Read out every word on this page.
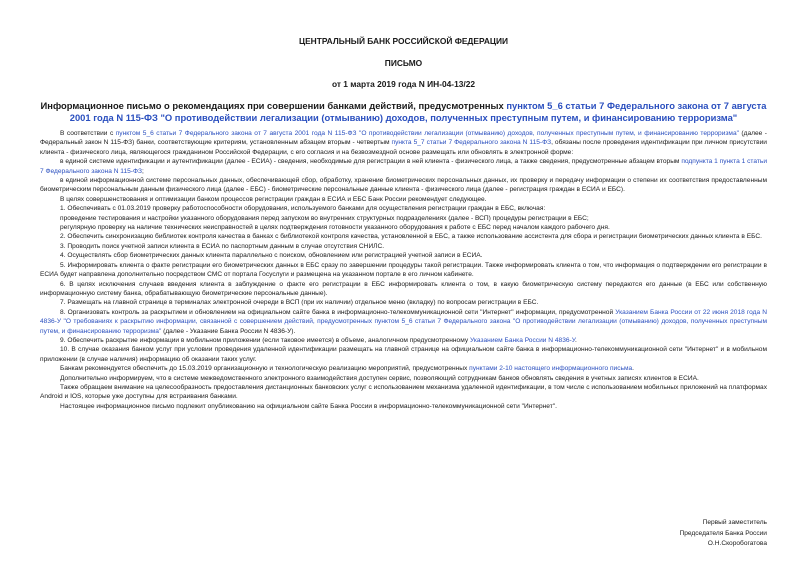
ЦЕНТРАЛЬНЫЙ БАНК РОССИЙСКОЙ ФЕДЕРАЦИИ
ПИСЬМО
от 1 марта 2019 года N ИН-04-13/22
Информационное письмо о рекомендациях при совершении банками действий, предусмотренных пунктом 5_6 статьи 7 Федерального закона от 7 августа 2001 года N 115-ФЗ "О противодействии легализации (отмыванию) доходов, полученных преступным путем, и финансированию терроризма"

В соответствии с пунктом 5_6 статьи 7 Федерального закона от 7 августа 2001 года N 115-ФЗ "О противодействии легализации (отмыванию) доходов, полученных преступным путем, и финансированию терроризма" (далее - Федеральный закон N 115-ФЗ) банки, соответствующие критериям, установленным абзацем вторым - четвертым пункта 5_7 статьи 7 Федерального закона N 115-ФЗ, обязаны после проведения идентификации при личном присутствии клиента - физического лица, являющегося гражданином Российской Федерации, с его согласия и на безвозмездной основе размещать или обновлять в электронной форме:

в единой системе идентификации и аутентификации (далее - ЕСИА) - сведения, необходимые для регистрации в ней клиента - физического лица, а также сведения, предусмотренные абзацем вторым подпункта 1 пункта 1 статьи 7 Федерального закона N 115-ФЗ;

в единой информационной системе персональных данных, обеспечивающей сбор, обработку, хранение биометрических персональных данных, их проверку и передачу информации о степени их соответствия предоставленным биометрическим персональным данным физического лица (далее - ЕБС) - биометрические персональные данные клиента - физического лица (далее - регистрация граждан в ЕСИА и ЕБС).

В целях совершенствования и оптимизации банком процессов регистрации граждан в ЕСИА и ЕБС Банк России рекомендует следующее.

1. Обеспечивать с 01.03.2019 проверку работоспособности оборудования, используемого банками для осуществления регистрации граждан в ЕБС, включая:

проведение тестирования и настройки указанного оборудования перед запуском во внутренних структурных подразделениях (далее - ВСП) процедуры регистрации в ЕБС;

регулярную проверку на наличие технических неисправностей в целях подтверждения готовности указанного оборудования к работе с ЕБС перед началом каждого рабочего дня.

2. Обеспечить синхронизацию библиотек контроля качества в банках с библиотекой контроля качества, установленной в ЕБС, а также использование ассистента для сбора и регистрации биометрических данных клиента в ЕБС.

3. Проводить поиск учетной записи клиента в ЕСИА по паспортным данным в случае отсутствия СНИЛС.

4. Осуществлять сбор биометрических данных клиента параллельно с поиском, обновлением или регистрацией учетной записи в ЕСИА.

5. Информировать клиента о факте регистрации его биометрических данных в ЕБС сразу по завершении процедуры такой регистрации. Также информировать клиента о том, что информация о подтверждении его регистрации в ЕСИА будет направлена дополнительно посредством СМС от портала Госуслуги и размещена на указанном портале в его личном кабинете.

6. В целях исключения случаев введения клиента в заблуждение о факте его регистрации в ЕБС информировать клиента о том, в какую биометрическую систему передаются его данные (в ЕБС или собственную информационную систему банка, обрабатывающую биометрические персональные данные).

7. Размещать на главной странице в терминалах электронной очереди в ВСП (при их наличии) отдельное меню (вкладку) по вопросам регистрации в ЕБС.

8. Организовать контроль за раскрытием и обновлением на официальном сайте банка в информационно-телекоммуникационной сети "Интернет" информации, предусмотренной Указанием Банка России от 22 июня 2018 года N 4836-У "О требованиях к раскрытию информации, связанной с совершением действий, предусмотренных пунктом 5_6 статьи 7 Федерального закона "О противодействии легализации (отмыванию) доходов, полученных преступным путем, и финансированию терроризма" (далее - Указание Банка России N 4836-У).

9. Обеспечить раскрытие информации в мобильном приложении (если таковое имеется) в объеме, аналогичном предусмотренному Указанием Банка России N 4836-У.

10. В случае оказания банком услуг при условии проведения удаленной идентификации размещать на главной странице на официальном сайте банка в информационно-телекоммуникационной сети "Интернет" и в мобильном приложении (в случае наличия) информацию об оказании таких услуг.

Банкам рекомендуется обеспечить до 15.03.2019 организационную и технологическую реализацию мероприятий, предусмотренных пунктами 2-10 настоящего информационного письма.

Дополнительно информируем, что в системе межведомственного электронного взаимодействия доступен сервис, позволяющий сотрудникам банков обновлять сведения в учетных записях клиентов в ЕСИА.

Также обращаем внимание на целесообразность предоставления дистанционных банковских услуг с использованием механизма удаленной идентификации, в том числе с использованием мобильных приложений на платформах Android и IOS, которые уже доступны для встраивания банками.

Настоящее информационное письмо подлежит опубликованию на официальном сайте Банка России в информационно-телекоммуникационной сети "Интернет".

Первый заместитель
Председателя Банка России
О.Н.Скоробогатова
